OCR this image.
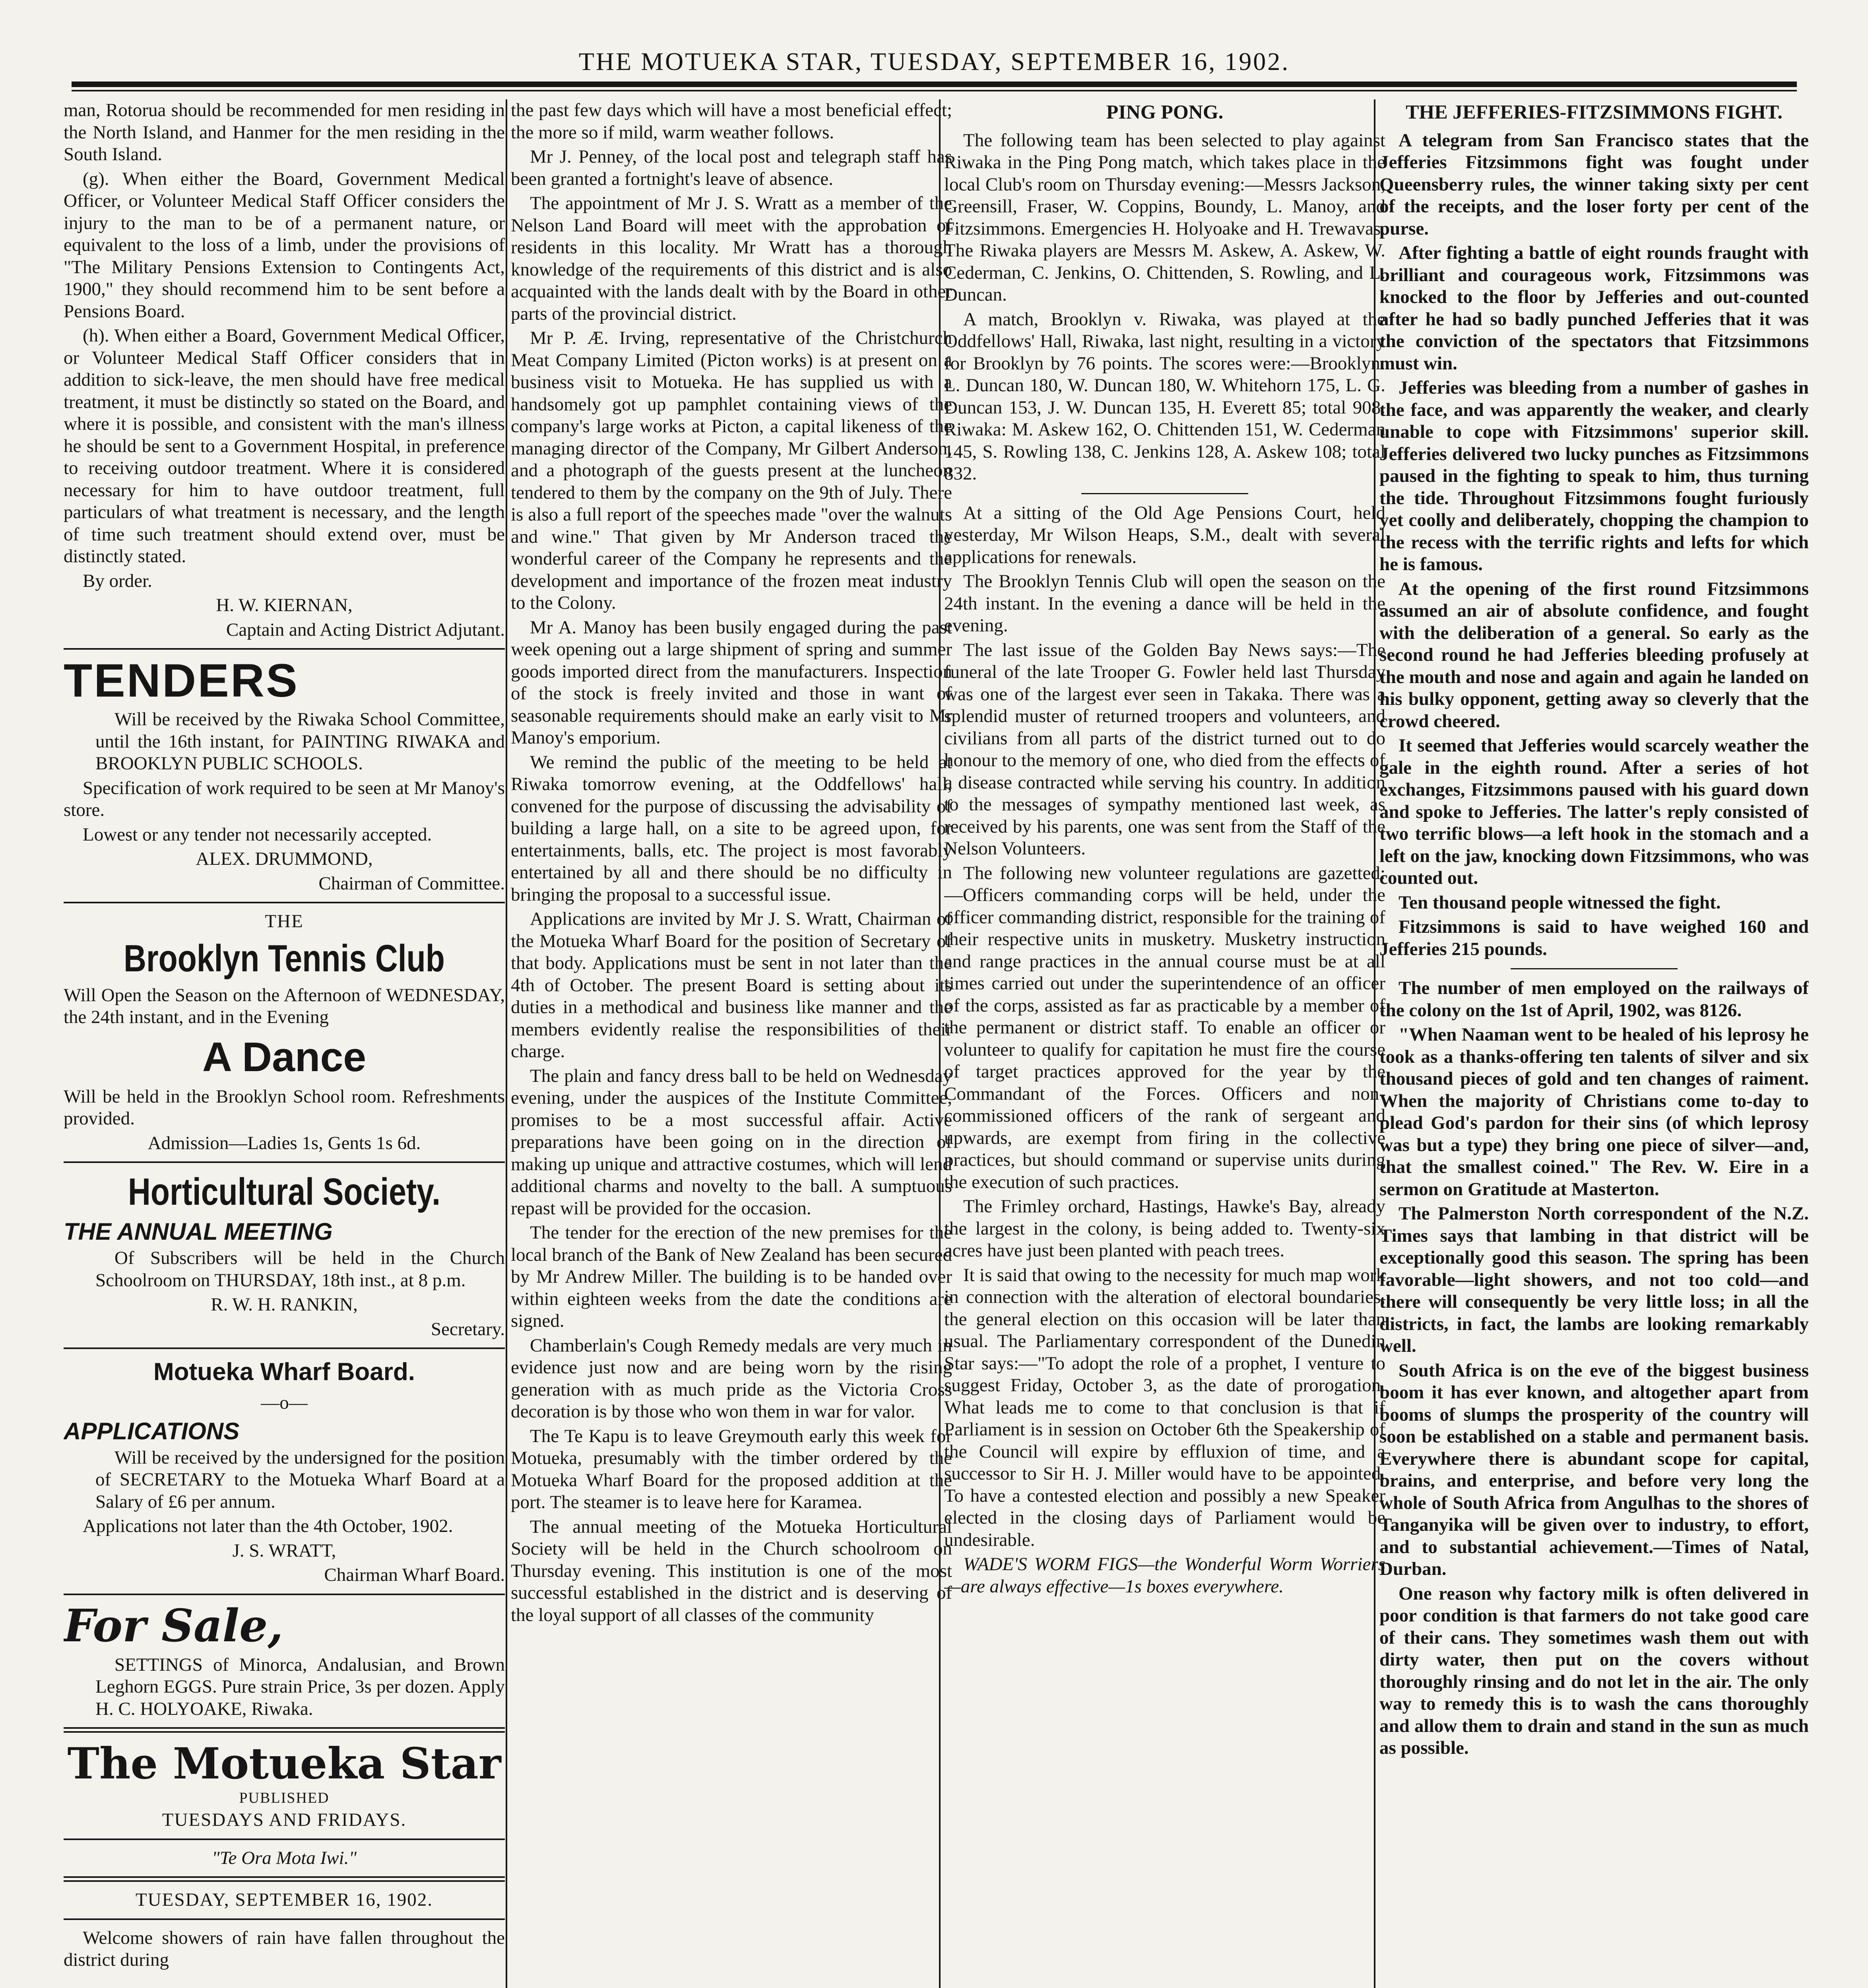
THE MOTUEKA STAR, TUESDAY, SEPTEMBER 16, 1902.

man, Rotorua should be recommended for men residing in the North Island, and Hanmer for the men residing in the South Island.

(g). When either the Board, Government Medical Officer, or Volunteer Medical Staff Officer considers the injury to the man to be of a permanent nature, or equivalent to the loss of a limb, under the provisions of "The Military Pensions Extension to Contingents Act, 1900," they should recommend him to be sent before a Pensions Board.

(h). When either a Board, Government Medical Officer, or Volunteer Medical Staff Officer considers that in addition to sick-leave, the men should have free medical treatment, it must be distinctly so stated on the Board, and where it is possible, and consistent with the man's illness he should be sent to a Government Hospital, in preference to receiving outdoor treatment. Where it is considered necessary for him to have outdoor treatment, full particulars of what treatment is necessary, and the length of time such treatment should extend over, must be distinctly stated.

By order.

H. W. KIERNAN,

Captain and Acting District Adjutant.

TENDERS

Will be received by the Riwaka School Committee, until the 16th instant, for PAINTING RIWAKA and BROOKLYN PUBLIC SCHOOLS.

Specification of work required to be seen at Mr Manoy's store.

Lowest or any tender not necessarily accepted.

ALEX. DRUMMOND,

Chairman of Committee.

THE

Brooklyn Tennis Club

Will Open the Season on the Afternoon of WEDNESDAY, the 24th instant, and in the Evening

A Dance

Will be held in the Brooklyn School room. Refreshments provided.

Admission—Ladies 1s, Gents 1s 6d.

Horticultural Society.

THE ANNUAL MEETING

Of Subscribers will be held in the Church Schoolroom on THURSDAY, 18th inst., at 8 p.m.

R. W. H. RANKIN,

Secretary.

Motueka Wharf Board.

—o—

APPLICATIONS

Will be received by the undersigned for the position of SECRETARY to the Motueka Wharf Board at a Salary of £6 per annum.

Applications not later than the 4th October, 1902.

J. S. WRATT,

Chairman Wharf Board.

For Sale,

SETTINGS of Minorca, Andalusian, and Brown Leghorn EGGS. Pure strain Price, 3s per dozen. Apply H. C. HOLYOAKE, Riwaka.

The Motueka Star

PUBLISHED

TUESDAYS AND FRIDAYS.

"Te Ora Mota Iwi."

TUESDAY, SEPTEMBER 16, 1902.

Welcome showers of rain have fallen throughout the district during

the past few days which will have a most beneficial effect; the more so if mild, warm weather follows.

Mr J. Penney, of the local post and telegraph staff has been granted a fortnight's leave of absence.

The appointment of Mr J. S. Wratt as a member of the Nelson Land Board will meet with the approbation of residents in this locality. Mr Wratt has a thorough knowledge of the requirements of this district and is also acquainted with the lands dealt with by the Board in other parts of the provincial district.

Mr P. Æ. Irving, representative of the Christchurch Meat Company Limited (Picton works) is at present on a business visit to Motueka. He has supplied us with a handsomely got up pamphlet containing views of the company's large works at Picton, a capital likeness of the managing director of the Company, Mr Gilbert Anderson, and a photograph of the guests present at the luncheon tendered to them by the company on the 9th of July. There is also a full report of the speeches made "over the walnuts and wine." That given by Mr Anderson traced the wonderful career of the Company he represents and the development and importance of the frozen meat industry to the Colony.

Mr A. Manoy has been busily engaged during the past week opening out a large shipment of spring and summer goods imported direct from the manufacturers. Inspection of the stock is freely invited and those in want of seasonable requirements should make an early visit to Mr Manoy's emporium.

We remind the public of the meeting to be held at Riwaka tomorrow evening, at the Oddfellows' hall, convened for the purpose of discussing the advisability of building a large hall, on a site to be agreed upon, for entertainments, balls, etc. The project is most favorably entertained by all and there should be no difficulty in bringing the proposal to a successful issue.

Applications are invited by Mr J. S. Wratt, Chairman of the Motueka Wharf Board for the position of Secretary of that body. Applications must be sent in not later than the 4th of October. The present Board is setting about its duties in a methodical and business like manner and the members evidently realise the responsibilities of their charge.

The plain and fancy dress ball to be held on Wednesday evening, under the auspices of the Institute Committee, promises to be a most successful affair. Active preparations have been going on in the direction of making up unique and attractive costumes, which will lend additional charms and novelty to the ball. A sumptuous repast will be provided for the occasion.

The tender for the erection of the new premises for the local branch of the Bank of New Zealand has been secured by Mr Andrew Miller. The building is to be handed over within eighteen weeks from the date the conditions are signed.

Chamberlain's Cough Remedy medals are very much in evidence just now and are being worn by the rising generation with as much pride as the Victoria Cross decoration is by those who won them in war for valor.

The Te Kapu is to leave Greymouth early this week for Motueka, presumably with the timber ordered by the Motueka Wharf Board for the proposed addition at the port. The steamer is to leave here for Karamea.

The annual meeting of the Motueka Horticultural Society will be held in the Church schoolroom on Thursday evening. This institution is one of the most successful established in the district and is deserving of the loyal support of all classes of the community

PING PONG.

The following team has been selected to play against Riwaka in the Ping Pong match, which takes place in the local Club's room on Thursday evening:—Messrs Jackson, Greensill, Fraser, W. Coppins, Boundy, L. Manoy, and Fitzsimmons. Emergencies H. Holyoake and H. Trewavas. The Riwaka players are Messrs M. Askew, A. Askew, W. Cederman, C. Jenkins, O. Chittenden, S. Rowling, and L. Duncan.

A match, Brooklyn v. Riwaka, was played at the Oddfellows' Hall, Riwaka, last night, resulting in a victory for Brooklyn by 76 points. The scores were:—Brooklyn: L. Duncan 180, W. Duncan 180, W. Whitehorn 175, L. G. Duncan 153, J. W. Duncan 135, H. Everett 85; total 908. Riwaka: M. Askew 162, O. Chittenden 151, W. Cederman 145, S. Rowling 138, C. Jenkins 128, A. Askew 108; total 832.

At a sitting of the Old Age Pensions Court, held yesterday, Mr Wilson Heaps, S.M., dealt with several applications for renewals.

The Brooklyn Tennis Club will open the season on the 24th instant. In the evening a dance will be held in the evening.

The last issue of the Golden Bay News says:—The funeral of the late Trooper G. Fowler held last Thursday was one of the largest ever seen in Takaka. There was a splendid muster of returned troopers and volunteers, and civilians from all parts of the district turned out to do honour to the memory of one, who died from the effects of a disease contracted while serving his country. In addition to the messages of sympathy mentioned last week, as received by his parents, one was sent from the Staff of the Nelson Volunteers.

The following new volunteer regulations are gazetted:—Officers commanding corps will be held, under the officer commanding district, responsible for the training of their respective units in musketry. Musketry instruction and range practices in the annual course must be at all times carried out under the superintendence of an officer of the corps, assisted as far as practicable by a member of the permanent or district staff. To enable an officer or volunteer to qualify for capitation he must fire the course of target practices approved for the year by the Commandant of the Forces. Officers and non-commissioned officers of the rank of sergeant and upwards, are exempt from firing in the collective practices, but should command or supervise units during the execution of such practices.

The Frimley orchard, Hastings, Hawke's Bay, already the largest in the colony, is being added to. Twenty-six acres have just been planted with peach trees.

It is said that owing to the necessity for much map work in connection with the alteration of electoral boundaries, the general election on this occasion will be later than usual. The Parliamentary correspondent of the Dunedin Star says:—"To adopt the role of a prophet, I venture to suggest Friday, October 3, as the date of prorogation. What leads me to come to that conclusion is that if Parliament is in session on October 6th the Speakership of the Council will expire by effluxion of time, and a successor to Sir H. J. Miller would have to be appointed. To have a contested election and possibly a new Speaker elected in the closing days of Parliament would be undesirable.

WADE'S WORM FIGS—the Wonderful Worm Worriers—are always effective—1s boxes everywhere.

THE JEFFERIES-FITZSIMMONS FIGHT.

A telegram from San Francisco states that the Jefferies Fitzsimmons fight was fought under Queensberry rules, the winner taking sixty per cent of the receipts, and the loser forty per cent of the purse.

After fighting a battle of eight rounds fraught with brilliant and courageous work, Fitzsimmons was knocked to the floor by Jefferies and out-counted after he had so badly punched Jefferies that it was the conviction of the spectators that Fitzsimmons must win.

Jefferies was bleeding from a number of gashes in the face, and was apparently the weaker, and clearly unable to cope with Fitzsimmons' superior skill. Jefferies delivered two lucky punches as Fitzsimmons paused in the fighting to speak to him, thus turning the tide. Throughout Fitzsimmons fought furiously yet coolly and deliberately, chopping the champion to the recess with the terrific rights and lefts for which he is famous.

At the opening of the first round Fitzsimmons assumed an air of absolute confidence, and fought with the deliberation of a general. So early as the second round he had Jefferies bleeding profusely at the mouth and nose and again and again he landed on his bulky opponent, getting away so cleverly that the crowd cheered.

It seemed that Jefferies would scarcely weather the gale in the eighth round. After a series of hot exchanges, Fitzsimmons paused with his guard down and spoke to Jefferies. The latter's reply consisted of two terrific blows—a left hook in the stomach and a left on the jaw, knocking down Fitzsimmons, who was counted out.

Ten thousand people witnessed the fight.

Fitzsimmons is said to have weighed 160 and Jefferies 215 pounds.

The number of men employed on the railways of the colony on the 1st of April, 1902, was 8126.

"When Naaman went to be healed of his leprosy he took as a thanks-offering ten talents of silver and six thousand pieces of gold and ten changes of raiment. When the majority of Christians come to-day to plead God's pardon for their sins (of which leprosy was but a type) they bring one piece of silver—and, that the smallest coined." The Rev. W. Eire in a sermon on Gratitude at Masterton.

The Palmerston North correspondent of the N.Z. Times says that lambing in that district will be exceptionally good this season. The spring has been favorable—light showers, and not too cold—and there will consequently be very little loss; in all the districts, in fact, the lambs are looking remarkably well.

South Africa is on the eve of the biggest business boom it has ever known, and altogether apart from booms of slumps the prosperity of the country will soon be established on a stable and permanent basis. Everywhere there is abundant scope for capital, brains, and enterprise, and before very long the whole of South Africa from Angulhas to the shores of Tanganyika will be given over to industry, to effort, and to substantial achievement.—Times of Natal, Durban.

One reason why factory milk is often delivered in poor condition is that farmers do not take good care of their cans. They sometimes wash them out with dirty water, then put on the covers without thoroughly rinsing and do not let in the air. The only way to remedy this is to wash the cans thoroughly and allow them to drain and stand in the sun as much as possible.
